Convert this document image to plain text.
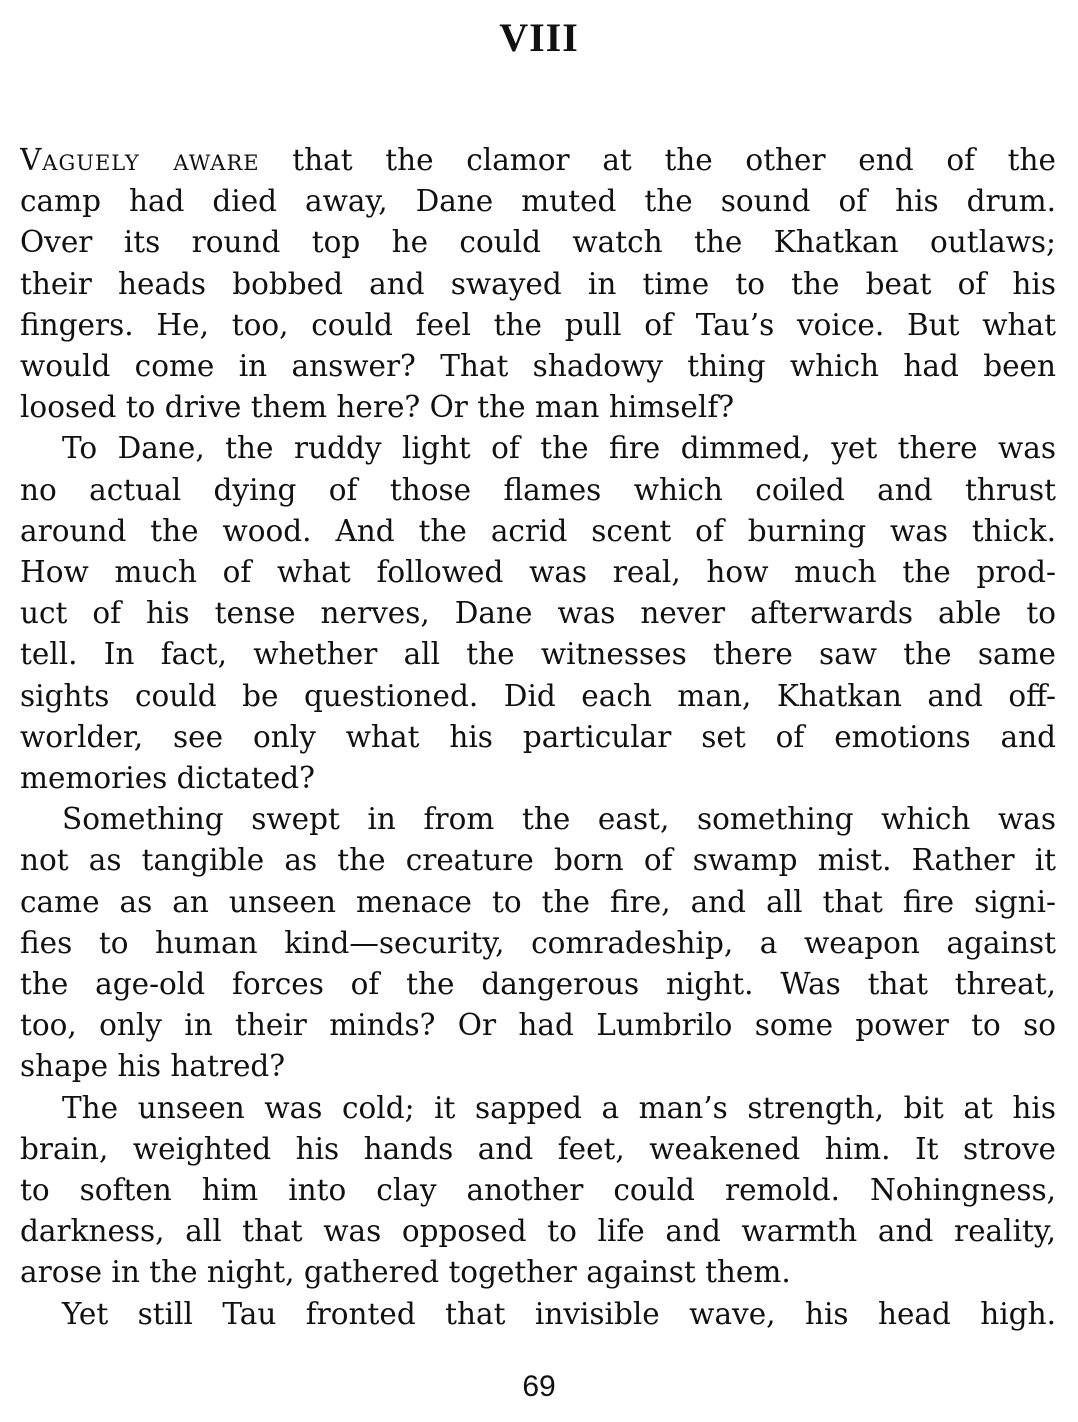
VIII

Vaguely aware that the clamor at the other end of the
camp had died away, Dane muted the sound of his drum.
Over its round top he could watch the Khatkan outlaws;
their heads bobbed and swayed in time to the beat of his
fingers. He, too, could feel the pull of Tau’s voice. But what
would come in answer? That shadowy thing which had been
loosed to drive them here? Or the man himself?

To Dane, the ruddy light of the fire dimmed, yet there was
no actual dying of those flames which coiled and thrust
around the wood. And the acrid scent of burning was thick.
How much of what followed was real, how much the prod-
uct of his tense nerves, Dane was never afterwards able to
tell. In fact, whether all the witnesses there saw the same
sights could be questioned. Did each man, Khatkan and off-
worlder, see only what his particular set of emotions and
memories dictated?

Something swept in from the east, something which was
not as tangible as the creature born of swamp mist. Rather it
came as an unseen menace to the fire, and all that fire signi-
fies to human kind—security, comradeship, a weapon against
the age-old forces of the dangerous night. Was that threat,
too, only in their minds? Or had Lumbrilo some power to so
shape his hatred?

The unseen was cold; it sapped a man’s strength, bit at his
brain, weighted his hands and feet, weakened him. It strove
to soften him into clay another could remold. Nohingness,
darkness, all that was opposed to life and warmth and reality,
arose in the night, gathered together against them.

Yet still Tau fronted that invisible wave, his head high.

69
